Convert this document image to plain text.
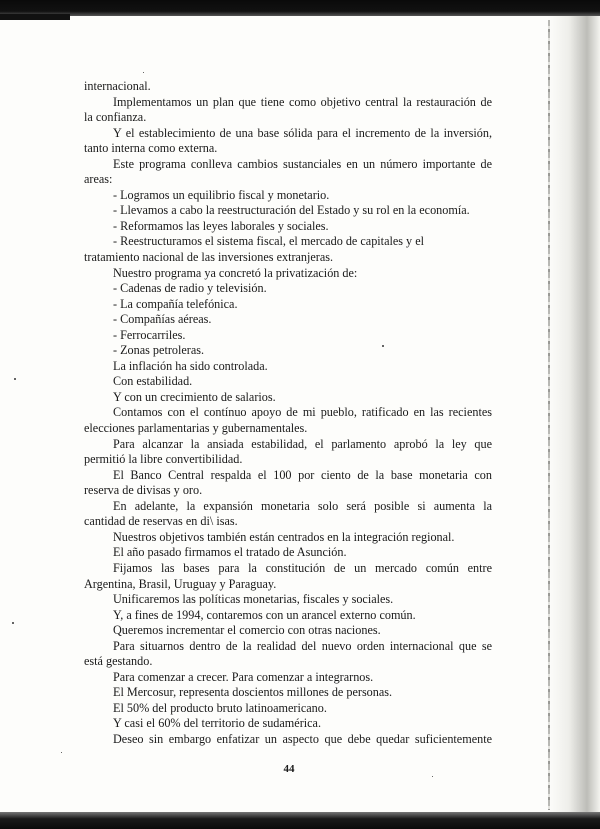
internacional.
Implementamos un plan que tiene como objetivo central la restauración de
la confianza.
Y el establecimiento de una base sólida para el incremento de la inversión,
tanto interna como externa.
Este programa conlleva cambios sustanciales en un número importante de
areas:
- Logramos un equilibrio fiscal y monetario.
- Llevamos a cabo la reestructuración del Estado y su rol en la economía.
- Reformamos las leyes laborales y sociales.
- Reestructuramos el sistema fiscal, el mercado de capitales y el
tratamiento nacional de las inversiones extranjeras.
Nuestro programa ya concretó la privatización de:
- Cadenas de radio y televisión.
- La compañía telefónica.
- Compañías aéreas.
- Ferrocarriles.
- Zonas petroleras.
La inflación ha sido controlada.
Con estabilidad.
Y con un crecimiento de salarios.
Contamos con el contínuo apoyo de mi pueblo, ratificado en las recientes
elecciones parlamentarias y gubernamentales.
Para alcanzar la ansiada estabilidad, el parlamento aprobó la ley que
permitió la libre convertibilidad.
El Banco Central respalda el 100 por ciento de la base monetaria con
reserva de divisas y oro.
En adelante, la expansión monetaria solo será posible si aumenta la
cantidad de reservas en di\ isas.
Nuestros objetivos también están centrados en la integración regional.
El año pasado firmamos el tratado de Asunción.
Fijamos las bases para la constitución de un mercado común entre
Argentina, Brasil, Uruguay y Paraguay.
Unificaremos las políticas monetarias, fiscales y sociales.
Y, a fines de 1994, contaremos con un arancel externo común.
Queremos incrementar el comercio con otras naciones.
Para situarnos dentro de la realidad del nuevo orden internacional que se
está gestando.
Para comenzar a crecer. Para comenzar a integrarnos.
El Mercosur, representa doscientos millones de personas.
El 50% del producto bruto latinoamericano.
Y casi el 60% del territorio de sudamérica.
Deseo sin embargo enfatizar un aspecto que debe quedar suficientemente
44
